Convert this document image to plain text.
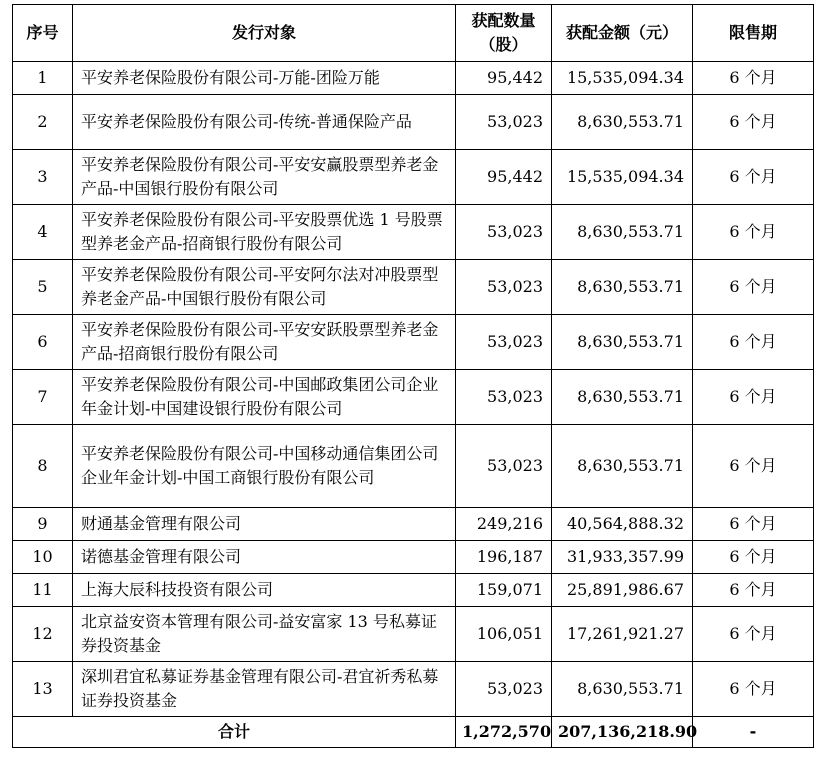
序号	发行对象	获配数量（股）	获配金额（元）	限售期
1	平安养老保险股份有限公司-万能-团险万能	95,442	15,535,094.34	6 个月
2	平安养老保险股份有限公司-传统-普通保险产品	53,023	8,630,553.71	6 个月
3	平安养老保险股份有限公司-平安安赢股票型养老金产品-中国银行股份有限公司	95,442	15,535,094.34	6 个月
4	平安养老保险股份有限公司-平安股票优选 1 号股票型养老金产品-招商银行股份有限公司	53,023	8,630,553.71	6 个月
5	平安养老保险股份有限公司-平安阿尔法对冲股票型养老金产品-中国银行股份有限公司	53,023	8,630,553.71	6 个月
6	平安养老保险股份有限公司-平安安跃股票型养老金产品-招商银行股份有限公司	53,023	8,630,553.71	6 个月
7	平安养老保险股份有限公司-中国邮政集团公司企业年金计划-中国建设银行股份有限公司	53,023	8,630,553.71	6 个月
8	平安养老保险股份有限公司-中国移动通信集团公司企业年金计划-中国工商银行股份有限公司	53,023	8,630,553.71	6 个月
9	财通基金管理有限公司	249,216	40,564,888.32	6 个月
10	诺德基金管理有限公司	196,187	31,933,357.99	6 个月
11	上海大辰科技投资有限公司	159,071	25,891,986.67	6 个月
12	北京益安资本管理有限公司-益安富家 13 号私募证券投资基金	106,051	17,261,921.27	6 个月
13	深圳君宜私募证券基金管理有限公司-君宜祈秀私募证券投资基金	53,023	8,630,553.71	6 个月
合计		1,272,570	207,136,218.90	-
